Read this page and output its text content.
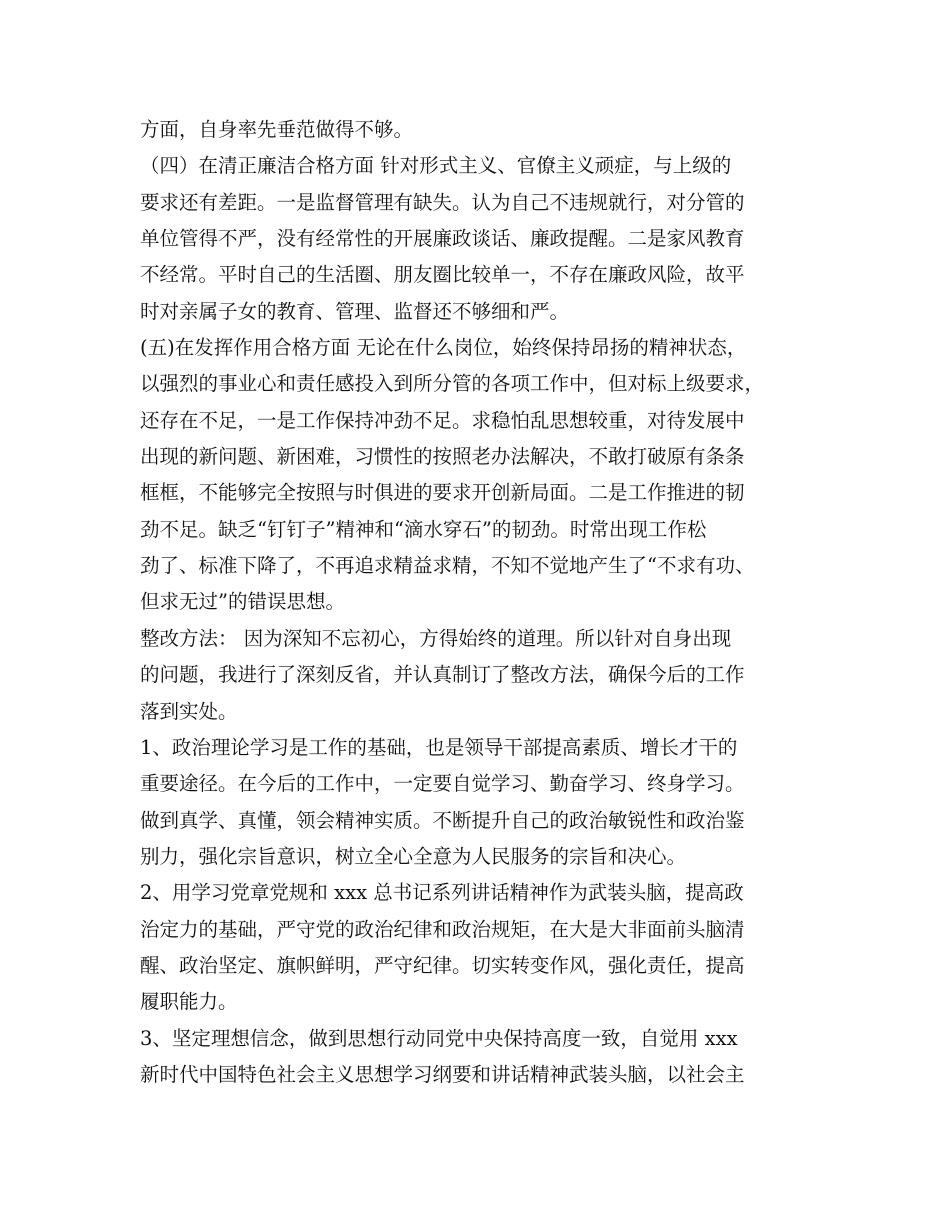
方面，自身率先垂范做得不够。
（四）在清正廉洁合格方面 针对形式主义、官僚主义顽症，与上级的
要求还有差距。一是监督管理有缺失。认为自己不违规就行，对分管的
单位管得不严，没有经常性的开展廉政谈话、廉政提醒。二是家风教育
不经常。平时自己的生活圈、朋友圈比较单一，不存在廉政风险，故平
时对亲属子女的教育、管理、监督还不够细和严。
(五)在发挥作用合格方面 无论在什么岗位，始终保持昂扬的精神状态，
以强烈的事业心和责任感投入到所分管的各项工作中，但对标上级要求，
还存在不足，一是工作保持冲劲不足。求稳怕乱思想较重，对待发展中
出现的新问题、新困难，习惯性的按照老办法解决，不敢打破原有条条
框框，不能够完全按照与时俱进的要求开创新局面。二是工作推进的韧
劲不足。缺乏“钉钉子”精神和“滴水穿石”的韧劲。时常出现工作松
劲了、标准下降了，不再追求精益求精，不知不觉地产生了“不求有功、
但求无过”的错误思想。
整改方法： 因为深知不忘初心，方得始终的道理。所以针对自身出现
的问题，我进行了深刻反省，并认真制订了整改方法，确保今后的工作
落到实处。
1、政治理论学习是工作的基础，也是领导干部提高素质、增长才干的
重要途径。在今后的工作中，一定要自觉学习、勤奋学习、终身学习。
做到真学、真懂，领会精神实质。不断提升自己的政治敏锐性和政治鉴
别力，强化宗旨意识，树立全心全意为人民服务的宗旨和决心。
2、用学习党章党规和 xxx 总书记系列讲话精神作为武装头脑，提高政
治定力的基础，严守党的政治纪律和政治规矩，在大是大非面前头脑清
醒、政治坚定、旗帜鲜明，严守纪律。切实转变作风，强化责任，提高
履职能力。
3、坚定理想信念，做到思想行动同党中央保持高度一致，自觉用 xxx
新时代中国特色社会主义思想学习纲要和讲话精神武装头脑，以社会主
